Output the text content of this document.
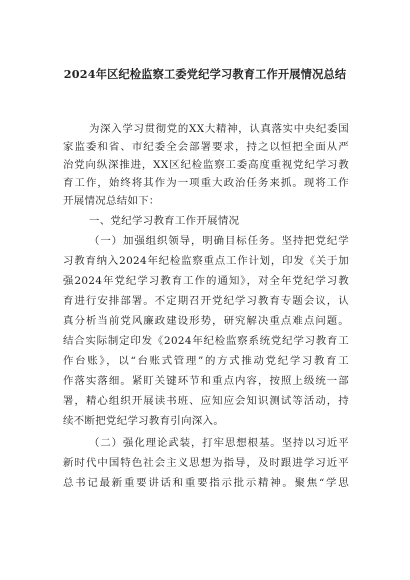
2024年区纪检监察工委党纪学习教育工作开展情况总结
为深入学习贯彻党的XX大精神，认真落实中央纪委国
家监委和省、市纪委全会部署要求，持之以恒把全面从严
治党向纵深推进，XX区纪检监察工委高度重视党纪学习教
育工作，始终将其作为一项重大政治任务来抓。现将工作
开展情况总结如下：
一、党纪学习教育工作开展情况
（一）加强组织领导，明确目标任务。坚持把党纪学
习教育纳入2024年纪检监察重点工作计划，印发《关于加
强2024年党纪学习教育工作的通知》，对全年党纪学习教
育进行安排部署。不定期召开党纪学习教育专题会议，认
真分析当前党风廉政建设形势，研究解决重点难点问题。
结合实际制定印发《2024年纪检监察系统党纪学习教育工
作台账》，以“台账式管理”的方式推动党纪学习教育工
作落实落细。紧盯关键环节和重点内容，按照上级统一部
署，精心组织开展读书班、应知应会知识测试等活动，持
续不断把党纪学习教育引向深入。
（二）强化理论武装，打牢思想根基。坚持以习近平
新时代中国特色社会主义思想为指导，及时跟进学习近平
总书记最新重要讲话和重要指示批示精神。聚焦“学思
